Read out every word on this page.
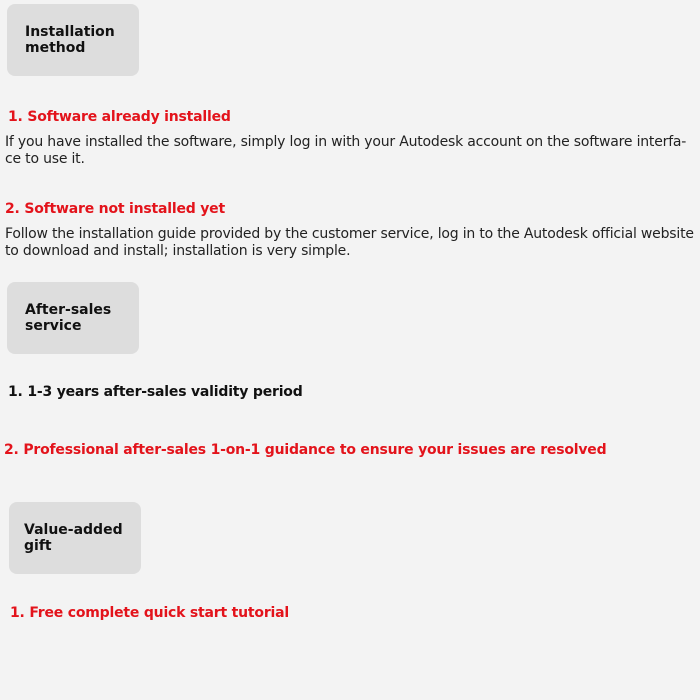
Installation method
1. Software already installed
If you have installed the software, simply log in with your Autodesk account on the software interfa-ce to use it.
2. Software not installed yet
Follow the installation guide provided by the customer service, log in to the Autodesk official website to download and install; installation is very simple.
After-sales service
1. 1-3 years after-sales validity period
2. Professional after-sales 1-on-1 guidance to ensure your issues are resolved
Value-added gift
1. Free complete quick start tutorial
